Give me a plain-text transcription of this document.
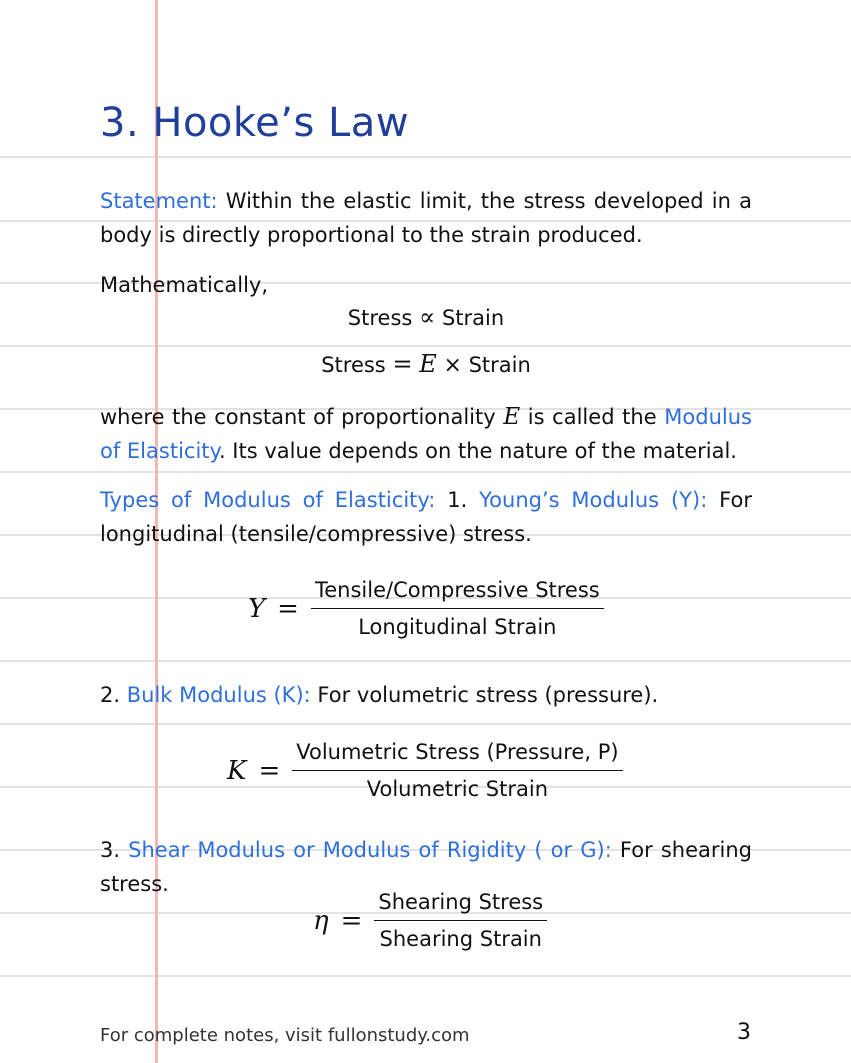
3. Hooke’s Law

Statement: Within the elastic limit, the stress developed in a body is directly proportional to the strain produced.

Mathematically,

Stress ∝ Strain
Stress = E × Strain

where the constant of proportionality E is called the Modulus of Elasticity. Its value depends on the nature of the material.

Types of Modulus of Elasticity: 1. Young’s Modulus (Y): For longitudinal (tensile/compressive) stress.

$Y = \frac{\text{Tensile/Compressive Stress}}{\text{Longitudinal Strain}}$

2. Bulk Modulus (K): For volumetric stress (pressure).

$K = \frac{\text{Volumetric Stress (Pressure, P)}}{\text{Volumetric Strain}}$

3. Shear Modulus or Modulus of Rigidity ( or G): For shearing stress.

$\eta = \frac{\text{Shearing Stress}}{\text{Shearing Strain}}$
For complete notes, visit fullonstudy.com	3
